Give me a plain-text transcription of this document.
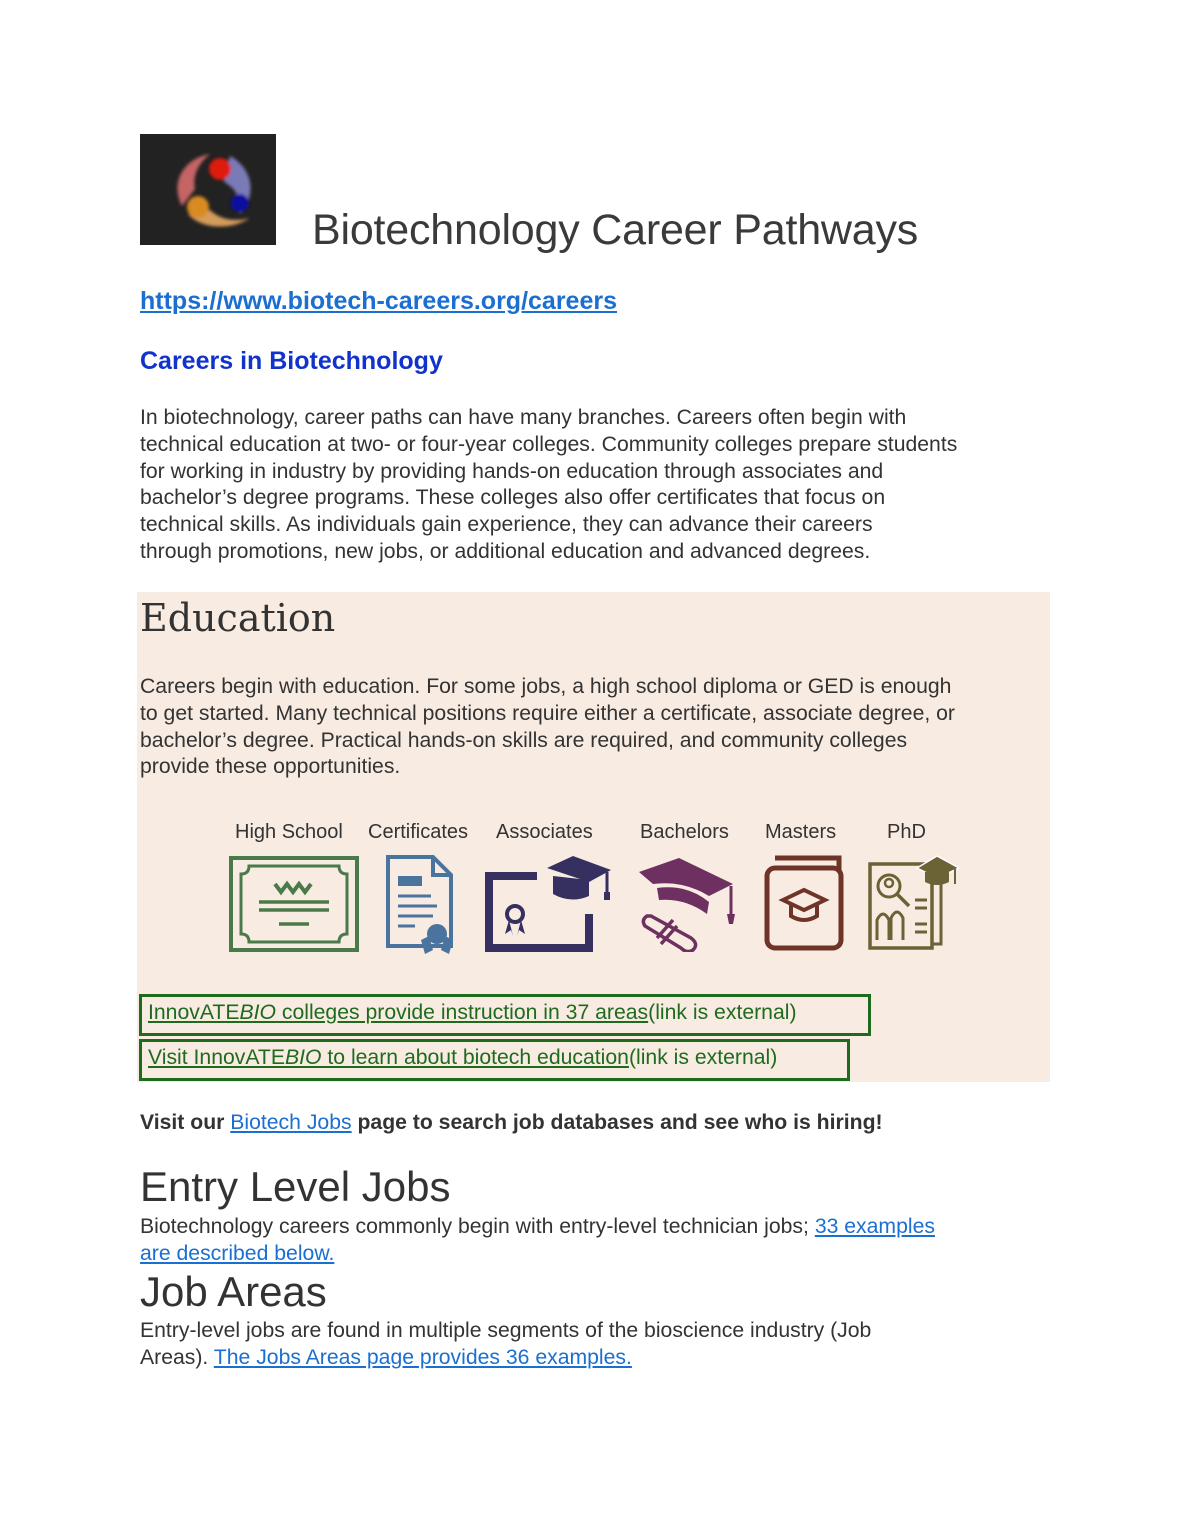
Biotechnology Career Pathways
https://www.biotech-careers.org/careers
Careers in Biotechnology
In biotechnology, career paths can have many branches. Careers often begin with
technical education at two- or four-year colleges. Community colleges prepare students
for working in industry by providing hands-on education through associates and
bachelor’s degree programs. These colleges also offer certificates that focus on
technical skills. As individuals gain experience, they can advance their careers
through promotions, new jobs, or additional education and advanced degrees.
Education
Careers begin with education. For some jobs, a high school diploma or GED is enough
to get started. Many technical positions require either a certificate, associate degree, or
bachelor’s degree. Practical hands-on skills are required, and community colleges
provide these opportunities.
High School Certificates Associates Bachelors Masters	PhD
InnovATEBIO colleges provide instruction in 37 areas(link is external)
Visit InnovATEBIO to learn about biotech education(link is external)
Visit our Biotech Jobs page to search job databases and see who is hiring!
Entry Level Jobs
Biotechnology careers commonly begin with entry-level technician jobs; 33 examples
are described below.
Job Areas
Entry-level jobs are found in multiple segments of the bioscience industry (Job
Areas). The Jobs Areas page provides 36 examples.
